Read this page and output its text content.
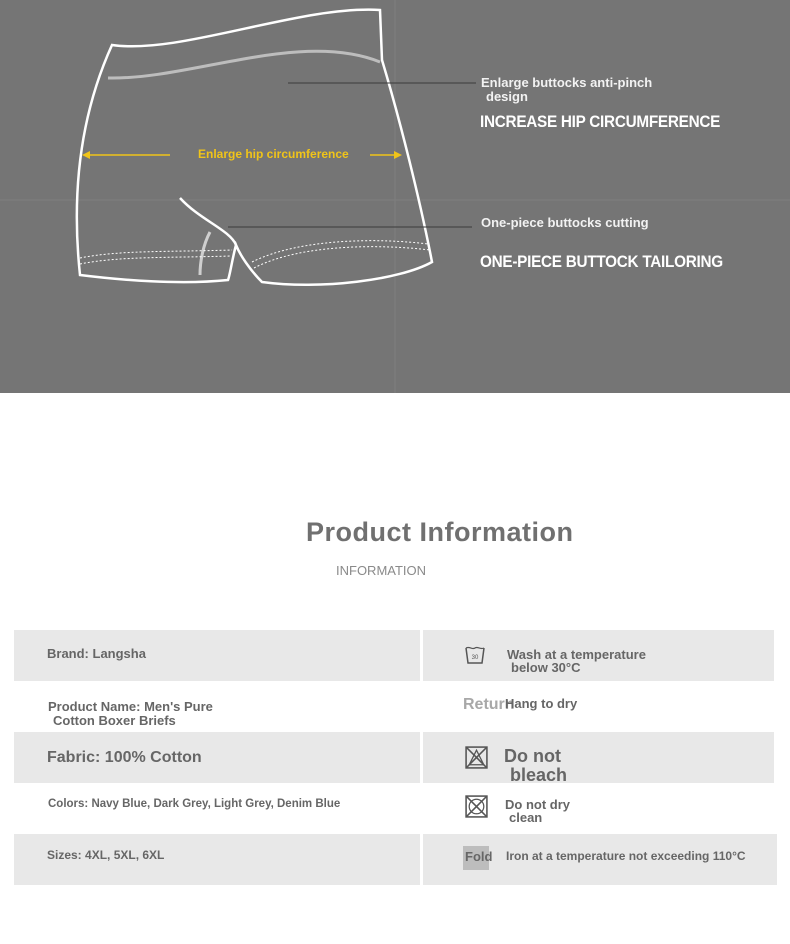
Enlarge buttocks anti-pinch
design
INCREASE HIP CIRCUMFERENCE
One-piece buttocks cutting
ONE-PIECE BUTTOCK TAILORING
Enlarge hip circumference
Product Information
INFORMATION
Brand: Langsha
Product Name: Men's Pure
Cotton Boxer Briefs
Fabric: 100% Cotton
Colors: Navy Blue, Dark Grey, Light Grey, Denim Blue
Sizes: 4XL, 5XL, 6XL
30 Wash at a temperature
below 30°C
Return
Hang to dry
Do not
bleach
Do not dry
clean
Fold Iron at a temperature not exceeding 110°C
